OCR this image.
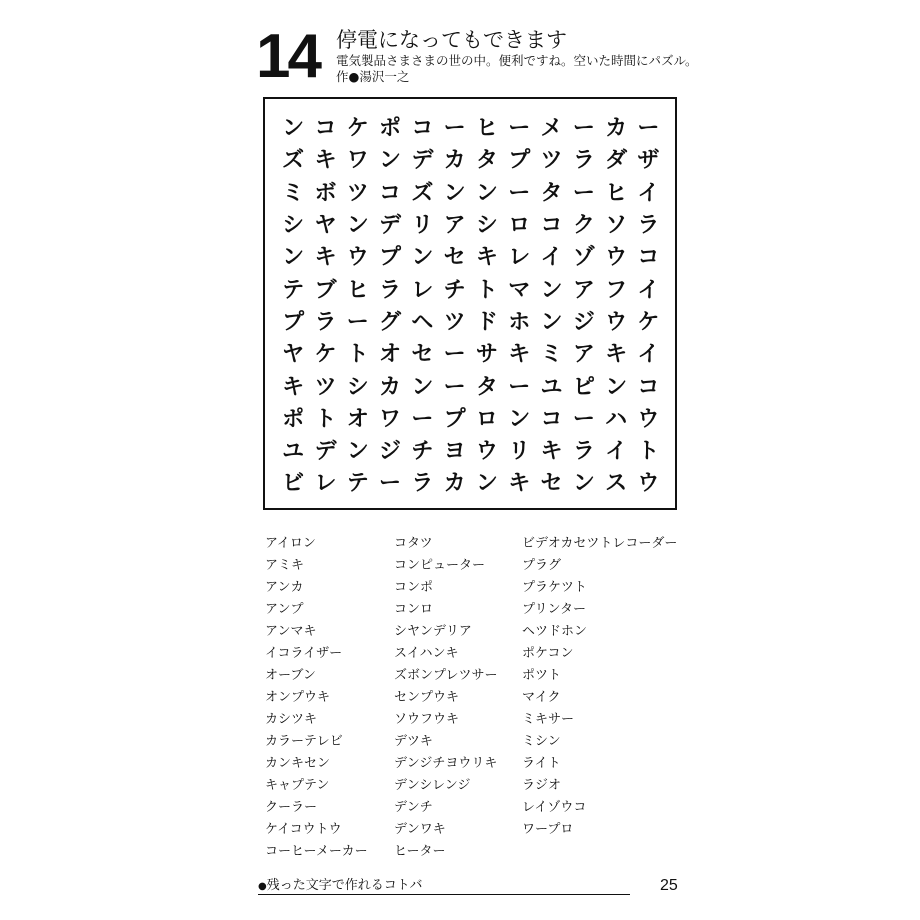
14 停電になってもできます
電気製品さまさまの世の中。便利ですね。空いた時間にパズル。
作●湯沢一之
ン コ ケ ポ コ ー ヒ ー メ ー カ ー
ズ キ ワ ン デ カ タ プ ツ ラ ダ ザ
ミ ボ ツ コ ズ ン ン ー タ ー ヒ イ
シ ヤ ン デ リ ア シ ロ コ ク ソ ラ
ン キ ウ プ ン セ キ レ イ ゾ ウ コ
テ ブ ヒ ラ レ チ ト マ ン ア フ イ
プ ラ ー グ ヘ ツ ド ホ ン ジ ウ ケ
ヤ ケ ト オ セ ー サ キ ミ ア キ イ
キ ツ シ カ ン ー タ ー ユ ピ ン コ
ポ ト オ ワ ー プ ロ ン コ ー ハ ウ
ユ デ ン ジ チ ヨ ウ リ キ ラ イ ト
ビ レ テ ー ラ カ ン キ セ ン ス ウ
アイロン
アミキ
アンカ
アンプ
アンマキ
イコライザー
オーブン
オンプウキ
カシツキ
カラーテレビ
カンキセン
キャプテン
クーラー
ケイコウトウ
コーヒーメーカー
コタツ
コンピューター
コンポ
コンロ
シヤンデリア
スイハンキ
ズボンプレツサー
センプウキ
ソウフウキ
デツキ
デンジチヨウリキ
デンシレンジ
デンチ
デンワキ
ヒーター
ビデオカセツトレコーダー
プラグ
プラケツト
プリンター
ヘツドホン
ポケコン
ポツト
マイク
ミキサー
ミシン
ライト
ラジオ
レイゾウコ
ワープロ
●残った文字で作れるコトバ	25
